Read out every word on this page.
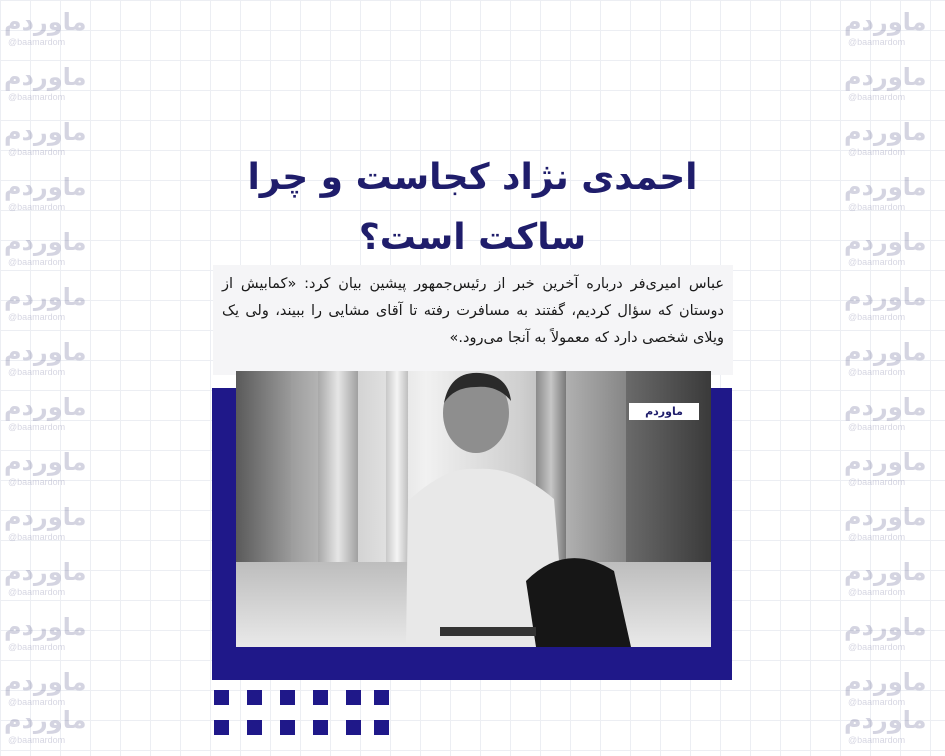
ماوردم
@baamardom
ماوردم
@baamardom
ماوردم
@baamardom
ماوردم
@baamardom
ماوردم
@baamardom
ماوردم
@baamardom
ماوردم
@baamardom
ماوردم
@baamardom
ماوردم
@baamardom
ماوردم
@baamardom
ماوردم
@baamardom
ماوردم
@baamardom
ماوردم
@baamardom
ماوردم
@baamardom
ماوردم
@baamardom
ماوردم
@baamardom
ماوردم
@baamardom
ماوردم
@baamardom
ماوردم
@baamardom
ماوردم
@baamardom
ماوردم
@baamardom
ماوردم
@baamardom
ماوردم
@baamardom
ماوردم
@baamardom
ماوردم
@baamardom
ماوردم
@baamardom
ماوردم
@baamardom
ماوردم
@baamardom
احمدی نژاد کجاست و چرا ساکت است؟

عباس امیری‌فر درباره آخرین خبر از رئیس‌جمهور پیشین بیان کرد: «کمابیش از دوستان که سؤال کردیم، گفتند به مسافرت رفته تا آقای مشایی را ببیند، ولی یک ویلای شخصی دارد که معمولاً به آنجا می‌رود.»

ماوردم
